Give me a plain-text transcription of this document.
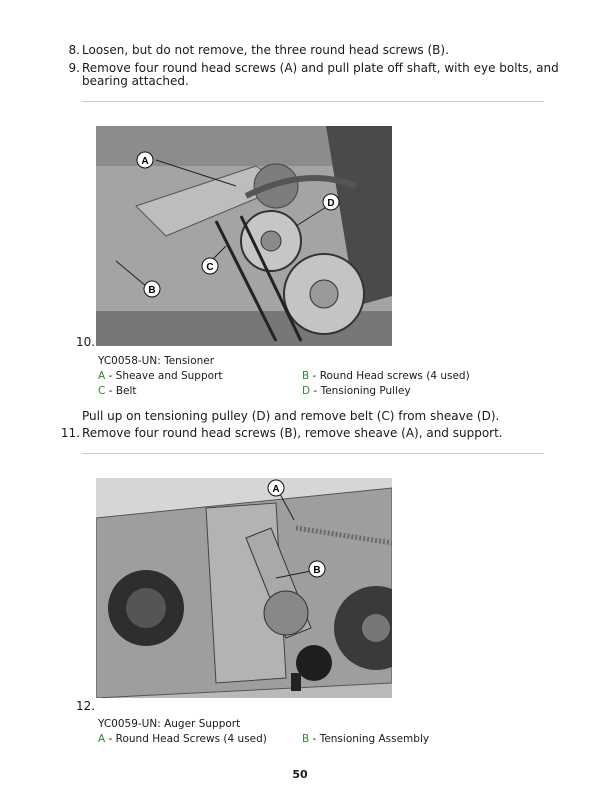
8. Loosen, but do not remove, the three round head screws (B).
9. Remove four round head screws (A) and pull plate off shaft, with eye bolts, and
bearing attached.
A
D
C
B
10.
YC0058-UN: Tensioner
A - Sheave and Support	B - Round Head screws (4 used)
C - Belt	D - Tensioning Pulley
Pull up on tensioning pulley (D) and remove belt (C) from sheave (D).
11. Remove four round head screws (B), remove sheave (A), and support.
A
B
12.
YC0059-UN: Auger Support
A - Round Head Screws (4 used)	B - Tensioning Assembly
50
